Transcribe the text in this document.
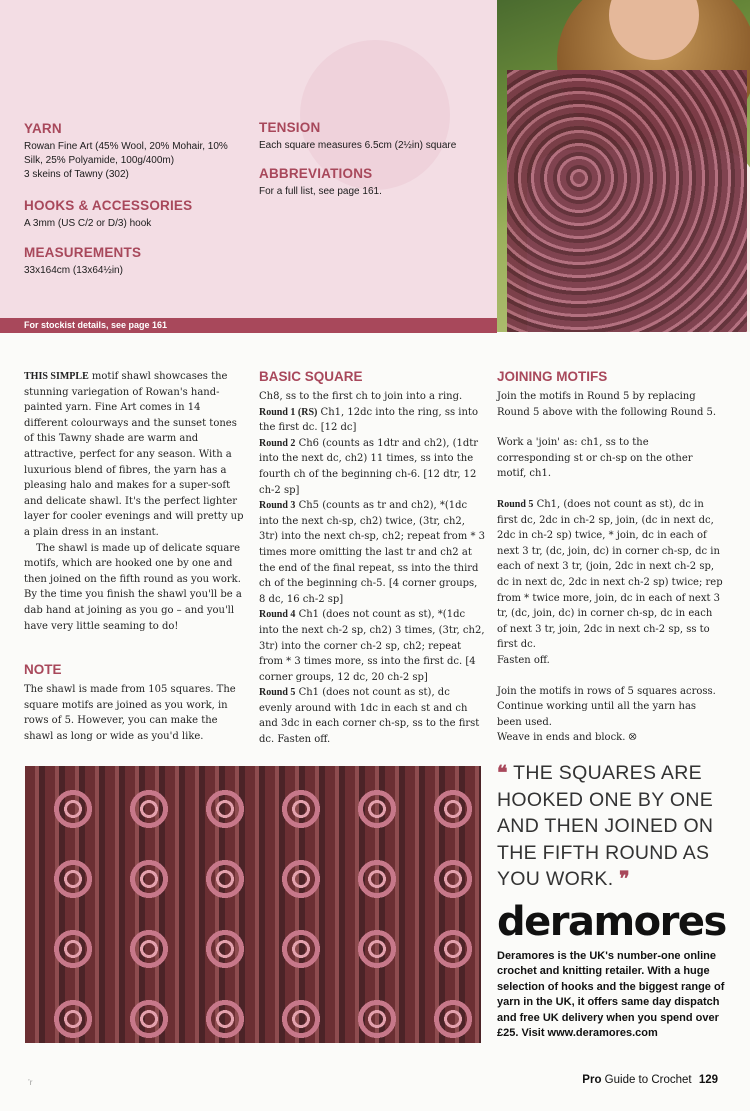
YARN

Rowan Fine Art (45% Wool, 20% Mohair, 10%
Silk, 25% Polyamide, 100g/400m)
3 skeins of Tawny (302)

HOOKS & ACCESSORIES

A 3mm (US C/2 or D/3) hook

MEASUREMENTS

33x164cm (13x64½in)

TENSION

Each square measures 6.5cm (2½in) square

ABBREVIATIONS

For a full list, see page 161.

For stockist details, see page 161

THIS SIMPLE motif shawl showcases the stunning variegation of Rowan's hand-painted yarn. Fine Art comes in 14 different colourways and the sunset tones of this Tawny shade are warm and attractive, perfect for any season. With a luxurious blend of fibres, the yarn has a pleasing halo and makes for a super-soft and delicate shawl. It's the perfect lighter layer for cooler evenings and will pretty up a plain dress in an instant.

The shawl is made up of delicate square motifs, which are hooked one by one and then joined on the fifth round as you work. By the time you finish the shawl you'll be a dab hand at joining as you go – and you'll have very little seaming to do!

NOTE

The shawl is made from 105 squares. The square motifs are joined as you work, in rows of 5. However, you can make the shawl as long or wide as you'd like.

BASIC SQUARE

Ch8, ss to the first ch to join into a ring.

Round 1 (RS) Ch1, 12dc into the ring, ss into the first dc. [12 dc]

Round 2 Ch6 (counts as 1dtr and ch2), (1dtr into the next dc, ch2) 11 times, ss into the fourth ch of the beginning ch-6. [12 dtr, 12 ch-2 sp]

Round 3 Ch5 (counts as tr and ch2), *(1dc into the next ch-sp, ch2) twice, (3tr, ch2, 3tr) into the next ch-sp, ch2; repeat from * 3 times more omitting the last tr and ch2 at the end of the final repeat, ss into the third ch of the beginning ch-5. [4 corner groups, 8 dc, 16 ch-2 sp]

Round 4 Ch1 (does not count as st), *(1dc into the next ch-2 sp, ch2) 3 times, (3tr, ch2, 3tr) into the corner ch-2 sp, ch2; repeat from * 3 times more, ss into the first dc. [4 corner groups, 12 dc, 20 ch-2 sp]

Round 5 Ch1 (does not count as st), dc evenly around with 1dc in each st and ch and 3dc in each corner ch-sp, ss to the first dc. Fasten off.

JOINING MOTIFS

Join the motifs in Round 5 by replacing Round 5 above with the following Round 5.

Work a 'join' as: ch1, ss to the corresponding st or ch-sp on the other motif, ch1.

Round 5 Ch1, (does not count as st), dc in first dc, 2dc in ch-2 sp, join, (dc in next dc, 2dc in ch-2 sp) twice, * join, dc in each of next 3 tr, (dc, join, dc) in corner ch-sp, dc in each of next 3 tr, (join, 2dc in next ch-2 sp, dc in next dc, 2dc in next ch-2 sp) twice; rep from * twice more, join, dc in each of next 3 tr, (dc, join, dc) in corner ch-sp, dc in each of next 3 tr, join, 2dc in next ch-2 sp, ss to first dc.

Fasten off.

Join the motifs in rows of 5 squares across. Continue working until all the yarn has been used.

Weave in ends and block. ⭙

❝ THE SQUARES ARE HOOKED ONE BY ONE AND THEN JOINED ON THE FIFTH ROUND AS YOU WORK. ❞
deramores

Deramores is the UK's number-one online crochet and knitting retailer. With a huge selection of hooks and the biggest range of yarn in the UK, it offers same day dispatch and free UK delivery when you spend over £25. Visit www.deramores.com

’r	Pro Guide to Crochet 129
